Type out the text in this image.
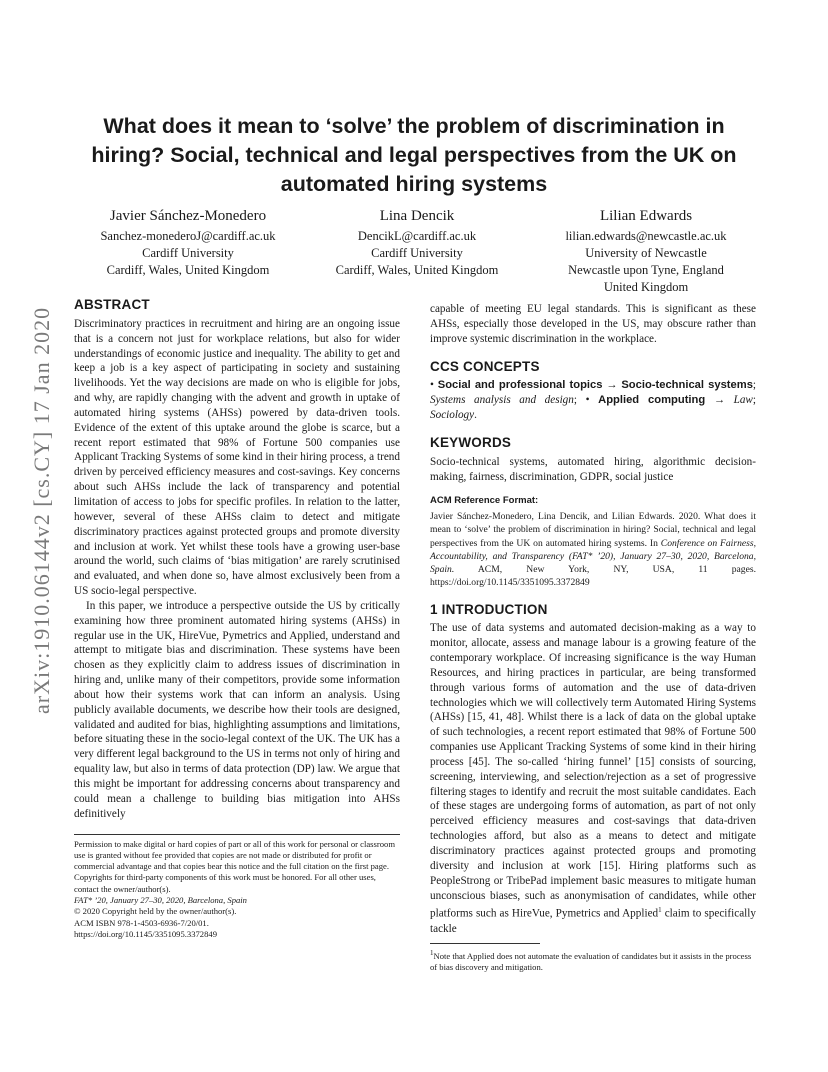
arXiv:1910.06144v2 [cs.CY] 17 Jan 2020
What does it mean to ‘solve’ the problem of discrimination in hiring? Social, technical and legal perspectives from the UK on automated hiring systems
Javier Sánchez-Monedero
Sanchez-monederoJ@cardiff.ac.uk
Cardiff University
Cardiff, Wales, United Kingdom
Lina Dencik
DencikL@cardiff.ac.uk
Cardiff University
Cardiff, Wales, United Kingdom
Lilian Edwards
lilian.edwards@newcastle.ac.uk
University of Newcastle
Newcastle upon Tyne, England
United Kingdom
ABSTRACT

Discriminatory practices in recruitment and hiring are an ongoing issue that is a concern not just for workplace relations, but also for wider understandings of economic justice and inequality. The ability to get and keep a job is a key aspect of participating in society and sustaining livelihoods. Yet the way decisions are made on who is eligible for jobs, and why, are rapidly changing with the advent and growth in uptake of automated hiring systems (AHSs) powered by data-driven tools. Evidence of the extent of this uptake around the globe is scarce, but a recent report estimated that 98% of Fortune 500 companies use Applicant Tracking Systems of some kind in their hiring process, a trend driven by perceived efficiency measures and cost-savings. Key concerns about such AHSs include the lack of transparency and potential limitation of access to jobs for specific profiles. In relation to the latter, however, several of these AHSs claim to detect and mitigate discriminatory practices against protected groups and promote diversity and inclusion at work. Yet whilst these tools have a growing user-base around the world, such claims of ‘bias mitigation’ are rarely scrutinised and evaluated, and when done so, have almost exclusively been from a US socio-legal perspective.

In this paper, we introduce a perspective outside the US by critically examining how three prominent automated hiring systems (AHSs) in regular use in the UK, HireVue, Pymetrics and Applied, understand and attempt to mitigate bias and discrimination. These systems have been chosen as they explicitly claim to address issues of discrimination in hiring and, unlike many of their competitors, provide some information about how their systems work that can inform an analysis. Using publicly available documents, we describe how their tools are designed, validated and audited for bias, highlighting assumptions and limitations, before situating these in the socio-legal context of the UK. The UK has a very different legal background to the US in terms not only of hiring and equality law, but also in terms of data protection (DP) law. We argue that this might be important for addressing concerns about transparency and could mean a challenge to building bias mitigation into AHSs definitively

Permission to make digital or hard copies of part or all of this work for personal or classroom use is granted without fee provided that copies are not made or distributed for profit or commercial advantage and that copies bear this notice and the full citation on the first page. Copyrights for third-party components of this work must be honored. For all other uses, contact the owner/author(s).
FAT* ’20, January 27–30, 2020, Barcelona, Spain
© 2020 Copyright held by the owner/author(s).
ACM ISBN 978-1-4503-6936-7/20/01.
https://doi.org/10.1145/3351095.3372849

capable of meeting EU legal standards. This is significant as these AHSs, especially those developed in the US, may obscure rather than improve systemic discrimination in the workplace.

CCS CONCEPTS

• Social and professional topics → Socio-technical systems; Systems analysis and design; • Applied computing → Law; Sociology.

KEYWORDS

Socio-technical systems, automated hiring, algorithmic decision-making, fairness, discrimination, GDPR, social justice

ACM Reference Format:

Javier Sánchez-Monedero, Lina Dencik, and Lilian Edwards. 2020. What does it mean to ‘solve’ the problem of discrimination in hiring? Social, technical and legal perspectives from the UK on automated hiring systems. In Conference on Fairness, Accountability, and Transparency (FAT* ’20), January 27–30, 2020, Barcelona, Spain. ACM, New York, NY, USA, 11 pages. https://doi.org/10.1145/3351095.3372849

1 INTRODUCTION

The use of data systems and automated decision-making as a way to monitor, allocate, assess and manage labour is a growing feature of the contemporary workplace. Of increasing significance is the way Human Resources, and hiring practices in particular, are being transformed through various forms of automation and the use of data-driven technologies which we will collectively term Automated Hiring Systems (AHSs) [15, 41, 48]. Whilst there is a lack of data on the global uptake of such technologies, a recent report estimated that 98% of Fortune 500 companies use Applicant Tracking Systems of some kind in their hiring process [45]. The so-called ‘hiring funnel’ [15] consists of sourcing, screening, interviewing, and selection/rejection as a set of progressive filtering stages to identify and recruit the most suitable candidates. Each of these stages are undergoing forms of automation, as part of not only perceived efficiency measures and cost-savings that data-driven technologies afford, but also as a means to detect and mitigate discriminatory practices against protected groups and promoting diversity and inclusion at work [15]. Hiring platforms such as PeopleStrong or TribePad implement basic measures to mitigate human unconscious biases, such as anonymisation of candidates, while other platforms such as HireVue, Pymetrics and Applied$^1$ claim to specifically tackle

$^1$Note that Applied does not automate the evaluation of candidates but it assists in the process of bias discovery and mitigation.
